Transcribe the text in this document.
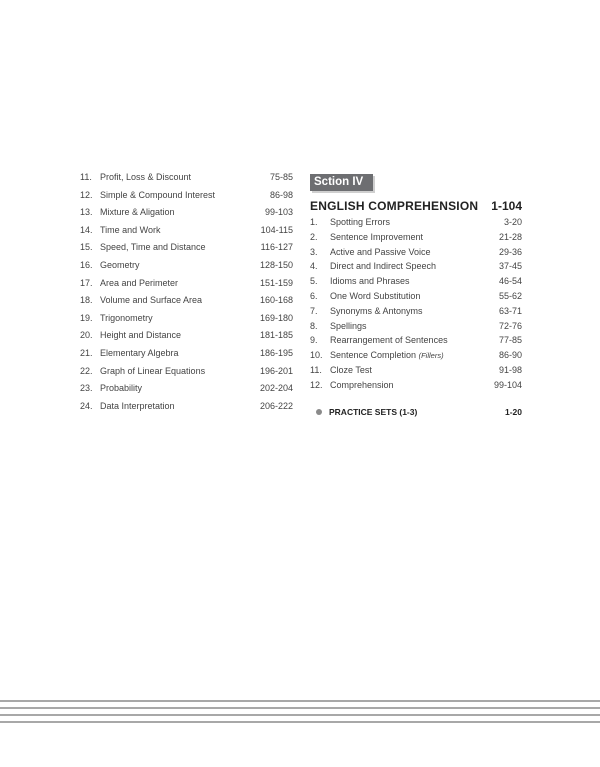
11. Profit, Loss & Discount	75-85
12. Simple & Compound Interest	86-98
13. Mixture & Aligation	99-103
14. Time and Work	104-115
15. Speed, Time and Distance	116-127
16. Geometry	128-150
17. Area and Perimeter	151-159
18. Volume and Surface Area	160-168
19. Trigonometry	169-180
20. Height and Distance	181-185
21. Elementary Algebra	186-195
22. Graph of Linear Equations	196-201
23. Probability	202-204
24. Data Interpretation	206-222
Sction IV
ENGLISH COMPREHENSION 1-104
1.	Spotting Errors	3-20
2.	Sentence Improvement	21-28
3.	Active and Passive Voice	29-36
4.	Direct and Indirect Speech	37-45
5.	Idioms and Phrases	46-54
6.	One Word Substitution	55-62
7.	Synonyms & Antonyms	63-71
8.	Spellings	72-76
9.	Rearrangement of Sentences	77-85
10. Sentence Completion (Fillers)	86-90
11. Cloze Test	91-98
12. Comprehension	99-104
PRACTICE SETS (1-3)	1-20
